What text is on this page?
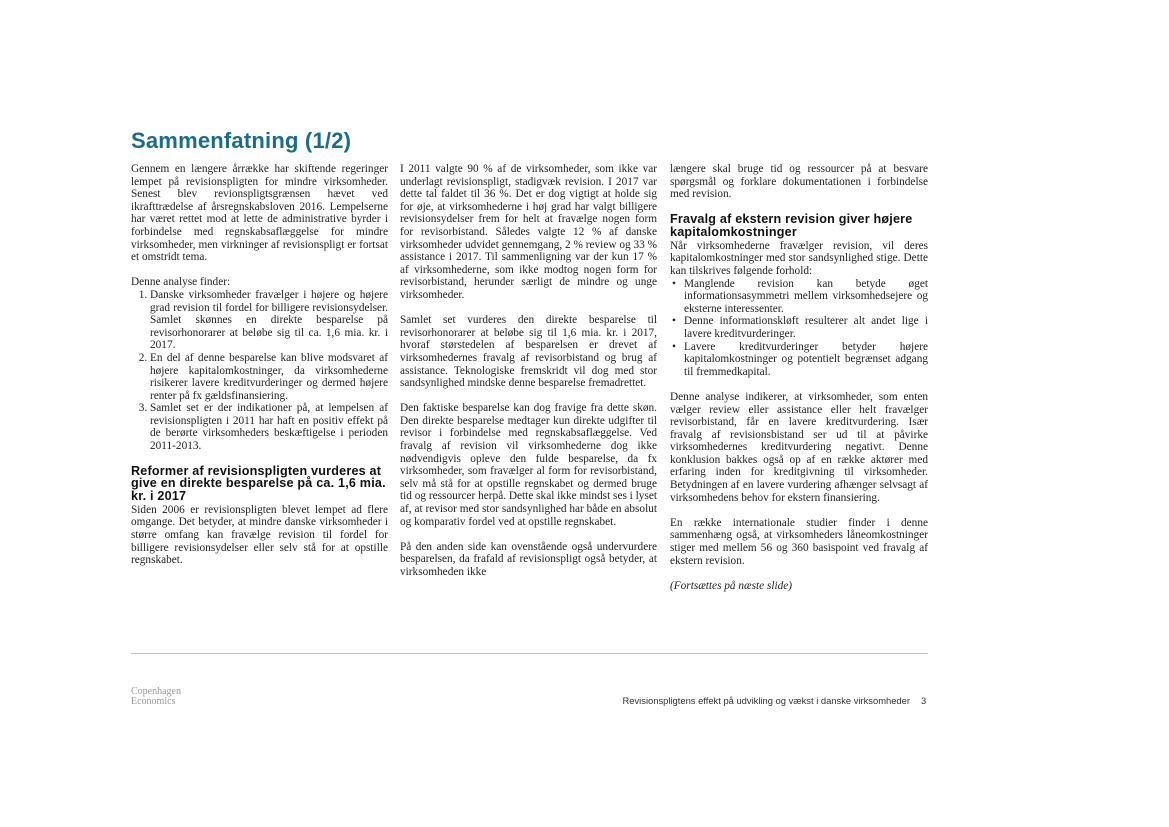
Sammenfatning (1/2)

Gennem en længere årrække har skiftende regeringer lempet på revisionspligten for mindre virksomheder. Senest blev revionspligtsgrænsen hævet ved ikrafttrædelse af årsregnskabsloven 2016. Lempelserne har været rettet mod at lette de administrative byrder i forbindelse med regnskabsaflæggelse for mindre virksomheder, men virkninger af revisionspligt er fortsat et omstridt tema.

Denne analyse finder:

1. Danske virksomheder fravælger i højere og højere grad revision til fordel for billigere revisionsydelser. Samlet skønnes en direkte besparelse på revisorhonorarer at beløbe sig til ca. 1,6 mia. kr. i 2017.
2. En del af denne besparelse kan blive modsvaret af højere kapitalomkostninger, da virksomhederne risikerer lavere kreditvurderinger og dermed højere renter på fx gældsfinansiering.
3. Samlet set er der indikationer på, at lempelsen af revisionspligten i 2011 har haft en positiv effekt på de berørte virksomheders beskæftigelse i perioden 2011-2013.
Reformer af revisionspligten vurderes at give en direkte besparelse på ca. 1,6 mia. kr. i 2017

Siden 2006 er revisionspligten blevet lempet ad flere omgange. Det betyder, at mindre danske virksomheder i større omfang kan fravælge revision til fordel for billigere revisionsydelser eller selv stå for at opstille regnskabet.

I 2011 valgte 90 % af de virksomheder, som ikke var underlagt revisionspligt, stadigvæk revision. I 2017 var dette tal faldet til 36 %. Det er dog vigtigt at holde sig for øje, at virksomhederne i høj grad har valgt billigere revisionsydelser frem for helt at fravælge nogen form for revisorbistand. Således valgte 12 % af danske virksomheder udvidet gennemgang, 2 % review og 33 % assistance i 2017. Til sammenligning var der kun 17 % af virksomhederne, som ikke modtog nogen form for revisorbistand, herunder særligt de mindre og unge virksomheder.

Samlet set vurderes den direkte besparelse til revisorhonorarer at beløbe sig til 1,6 mia. kr. i 2017, hvoraf størstedelen af besparelsen er drevet af virksomhedernes fravalg af revisorbistand og brug af assistance. Teknologiske fremskridt vil dog med stor sandsynlighed mindske denne besparelse fremadrettet.

Den faktiske besparelse kan dog fravige fra dette skøn. Den direkte besparelse medtager kun direkte udgifter til revisor i forbindelse med regnskabsaflæggelse. Ved fravalg af revision vil virksomhederne dog ikke nødvendigvis opleve den fulde besparelse, da fx virksomheder, som fravælger al form for revisorbistand, selv må stå for at opstille regnskabet og dermed bruge tid og ressourcer herpå. Dette skal ikke mindst ses i lyset af, at revisor med stor sandsynlighed har både en absolut og komparativ fordel ved at opstille regnskabet.

På den anden side kan ovenstående også undervurdere besparelsen, da frafald af revisionspligt også betyder, at virksomheden ikke

længere skal bruge tid og ressourcer på at besvare spørgsmål og forklare dokumentationen i forbindelse med revision.

Fravalg af ekstern revision giver højere kapitalomkostninger

Når virksomhederne fravælger revision, vil deres kapitalomkostninger med stor sandsynlighed stige. Dette kan tilskrives følgende forhold:

• Manglende revision kan betyde øget informationsasymmetri mellem virksomhedsejere og eksterne interessenter.
• Denne informationskløft resulterer alt andet lige i lavere kreditvurderinger.
• Lavere kreditvurderinger betyder højere kapitalomkostninger og potentielt begrænset adgang til fremmedkapital.

Denne analyse indikerer, at virksomheder, som enten vælger review eller assistance eller helt fravælger revisorbistand, får en lavere kreditvurdering. Især fravalg af revisionsbistand ser ud til at påvirke virksomhedernes kreditvurdering negativt. Denne konklusion bakkes også op af en række aktører med erfaring inden for kreditgivning til virksomheder. Betydningen af en lavere vurdering afhænger selvsagt af virksomhedens behov for ekstern finansiering.

En række internationale studier finder i denne sammenhæng også, at virksomheders låneomkostninger stiger med mellem 56 og 360 basispoint ved fravalg af ekstern revision.

(Fortsættes på næste slide)

Copenhagen
Economics	Revisionspligtens effekt på udvikling og vækst i danske virksomheder 3
